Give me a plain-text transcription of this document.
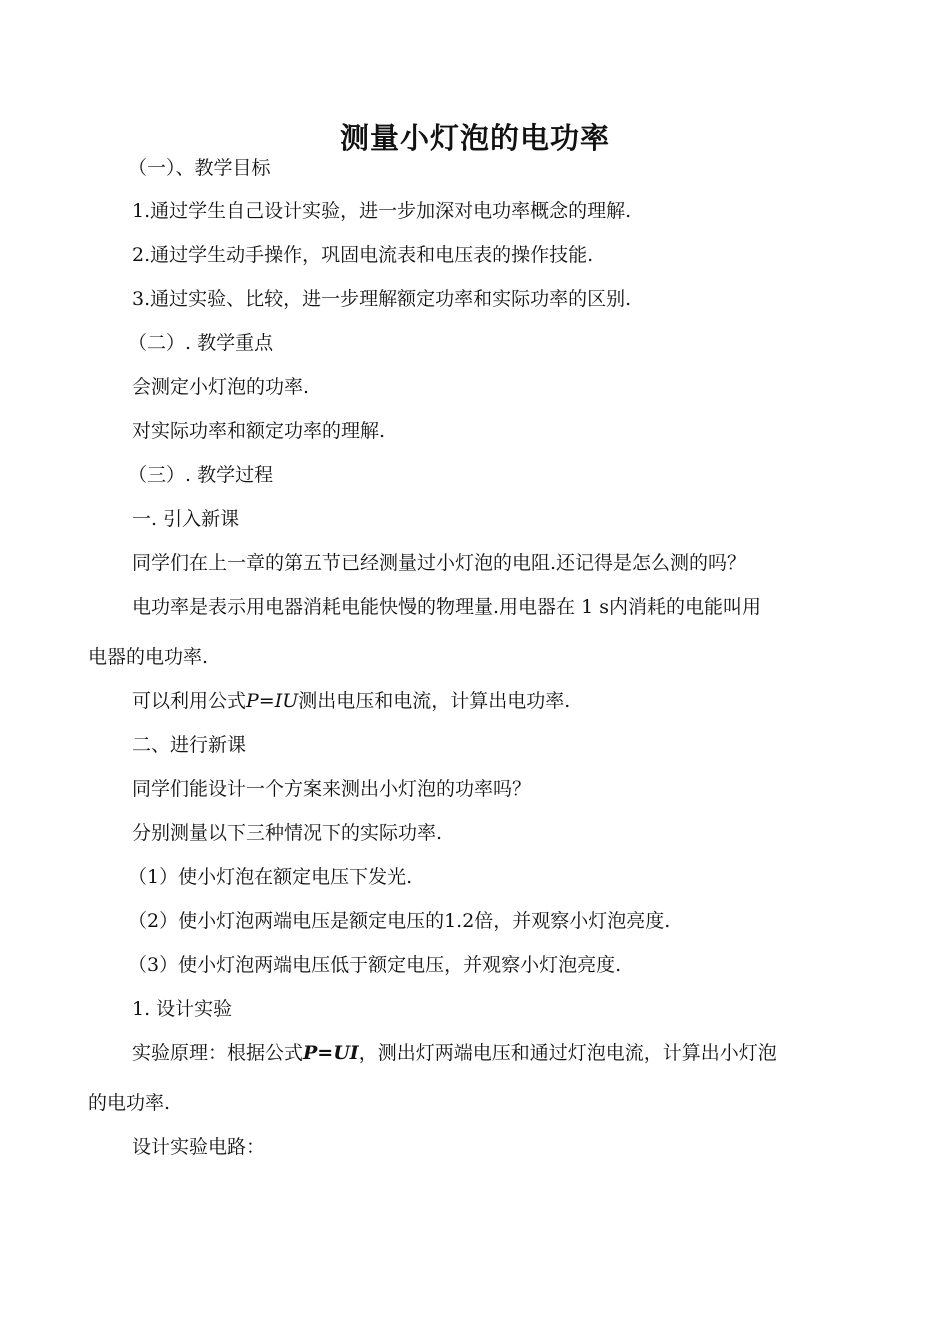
测量小灯泡的电功率
（一）、教学目标
1.通过学生自己设计实验，进一步加深对电功率概念的理解.
2.通过学生动手操作，巩固电流表和电压表的操作技能.
3.通过实验、比较，进一步理解额定功率和实际功率的区别.
（二）. 教学重点
会测定小灯泡的功率.
对实际功率和额定功率的理解.
（三）. 教学过程
一. 引入新课
同学们在上一章的第五节已经测量过小灯泡的电阻.还记得是怎么测的吗？
电功率是表示用电器消耗电能快慢的物理量.用电器在 1 s内消耗的电能叫用
电器的电功率.
可以利用公式P=IU测出电压和电流，计算出电功率.
二、进行新课
同学们能设计一个方案来测出小灯泡的功率吗？
分别测量以下三种情况下的实际功率.
（1）使小灯泡在额定电压下发光.
（2）使小灯泡两端电压是额定电压的1.2倍，并观察小灯泡亮度.
（3）使小灯泡两端电压低于额定电压，并观察小灯泡亮度.
1. 设计实验
实验原理：根据公式P=UI，测出灯两端电压和通过灯泡电流，计算出小灯泡
的电功率.
设计实验电路：
